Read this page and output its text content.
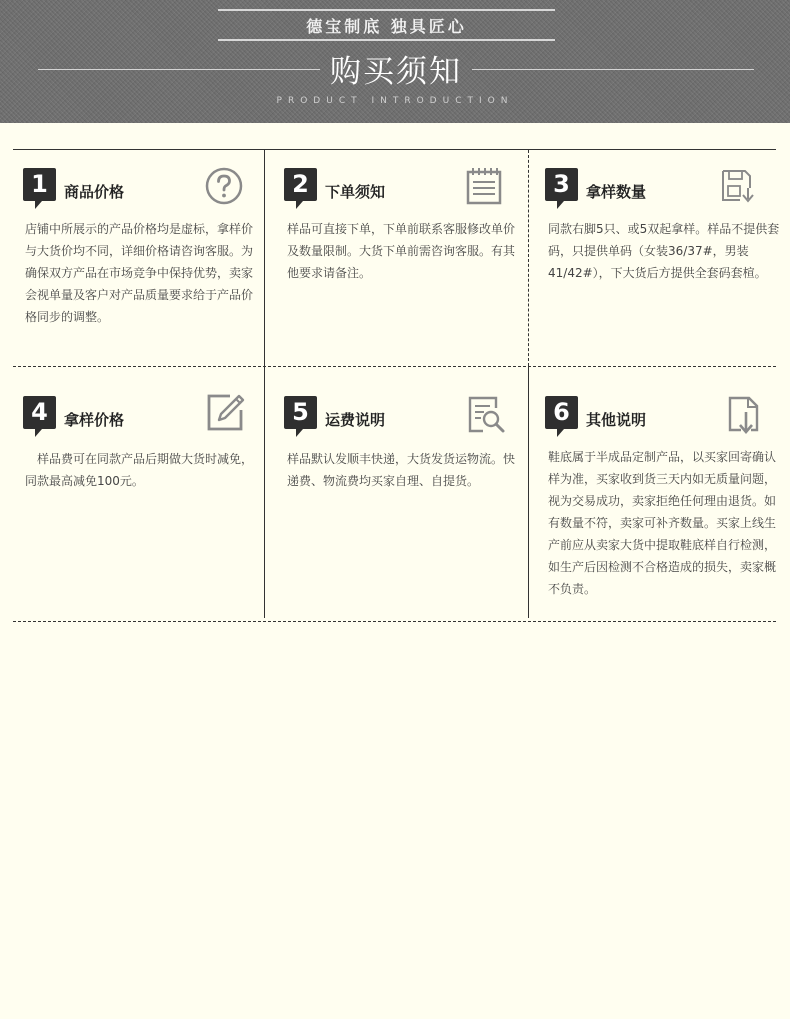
德宝制底 独具匠心
购买须知
PRODUCT INTRODUCTION
1	商品价格
店铺中所展示的产品价格均是虚标，拿样价与大货价均不同，详细价格请咨询客服。为确保双方产品在市场竞争中保持优势，卖家会视单量及客户对产品质量要求给于产品价格同步的调整。
2	下单须知
样品可直接下单，下单前联系客服修改单价及数量限制。大货下单前需咨询客服。有其他要求请备注。
3	拿样数量
同款右脚5只、或5双起拿样。样品不提供套码，只提供单码（女装36/37#，男装41/42#），下大货后方提供全套码套楦。
4	拿样价格
样品费可在同款产品后期做大货时减免，同款最高减免100元。
5	运费说明
样品默认发顺丰快递，大货发货运物流。快递费、物流费均买家自理、自提货。
6	其他说明
鞋底属于半成品定制产品，以买家回寄确认样为准，买家收到货三天内如无质量问题，视为交易成功，卖家拒绝任何理由退货。如有数量不符，卖家可补齐数量。买家上线生产前应从卖家大货中提取鞋底样自行检测，如生产后因检测不合格造成的损失，卖家概不负责。
